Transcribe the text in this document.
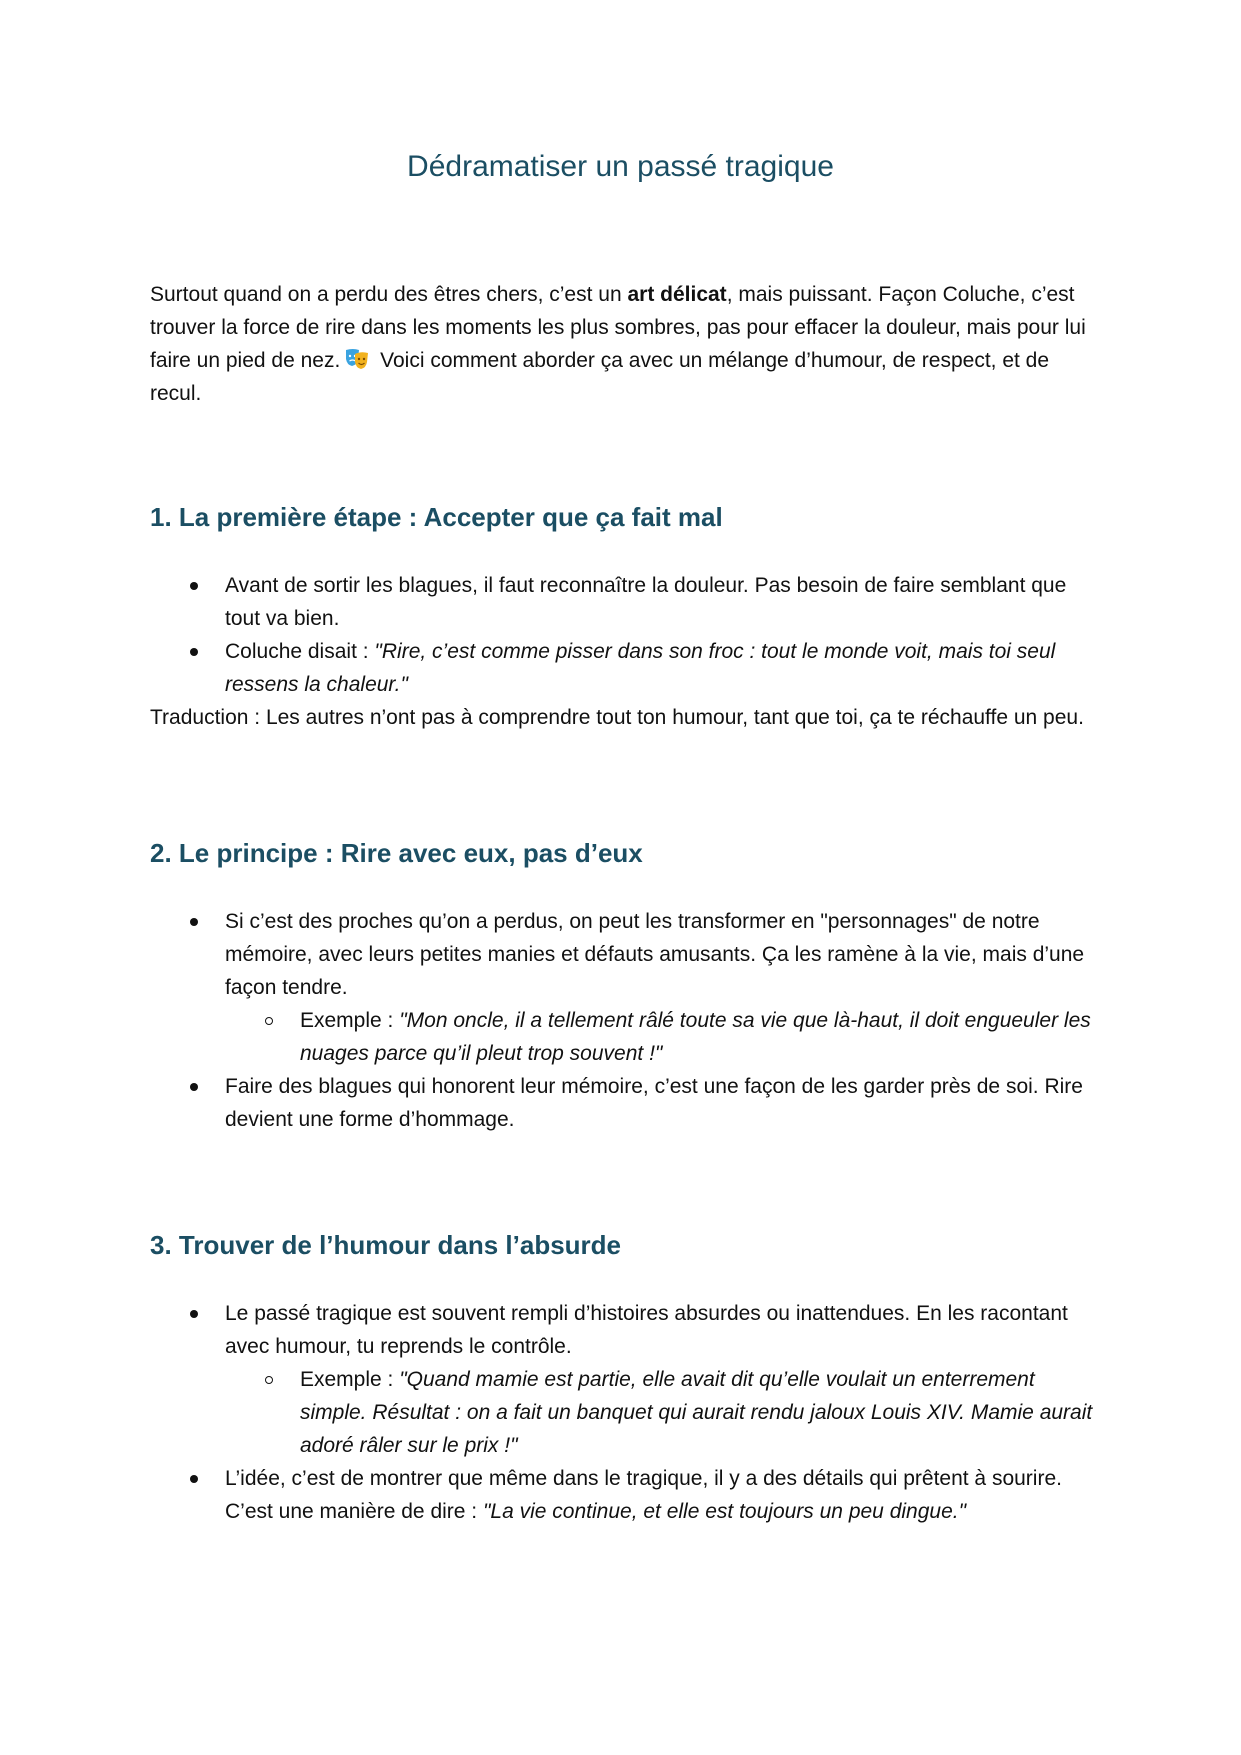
Dédramatiser un passé tragique

Surtout quand on a perdu des êtres chers, c’est un art délicat, mais puissant. Façon Coluche, c’est trouver la force de rire dans les moments les plus sombres, pas pour effacer la douleur, mais pour lui faire un pied de nez. Voici comment aborder ça avec un mélange d’humour, de respect, et de recul.

1. La première étape : Accepter que ça fait mal
Avant de sortir les blagues, il faut reconnaître la douleur. Pas besoin de faire semblant que tout va bien.
Coluche disait : "Rire, c’est comme pisser dans son froc : tout le monde voit, mais toi seul ressens la chaleur."

Traduction : Les autres n’ont pas à comprendre tout ton humour, tant que toi, ça te réchauffe un peu.

2. Le principe : Rire avec eux, pas d’eux
Si c’est des proches qu’on a perdus, on peut les transformer en "personnages" de notre mémoire, avec leurs petites manies et défauts amusants. Ça les ramène à la vie, mais d’une façon tendre.
Exemple : "Mon oncle, il a tellement râlé toute sa vie que là-haut, il doit engueuler les nuages parce qu’il pleut trop souvent !"
Faire des blagues qui honorent leur mémoire, c’est une façon de les garder près de soi. Rire devient une forme d’hommage.
3. Trouver de l’humour dans l’absurde
Le passé tragique est souvent rempli d’histoires absurdes ou inattendues. En les racontant avec humour, tu reprends le contrôle.
Exemple : "Quand mamie est partie, elle avait dit qu’elle voulait un enterrement simple. Résultat : on a fait un banquet qui aurait rendu jaloux Louis XIV. Mamie aurait adoré râler sur le prix !"
L’idée, c’est de montrer que même dans le tragique, il y a des détails qui prêtent à sourire. C’est une manière de dire : "La vie continue, et elle est toujours un peu dingue."
